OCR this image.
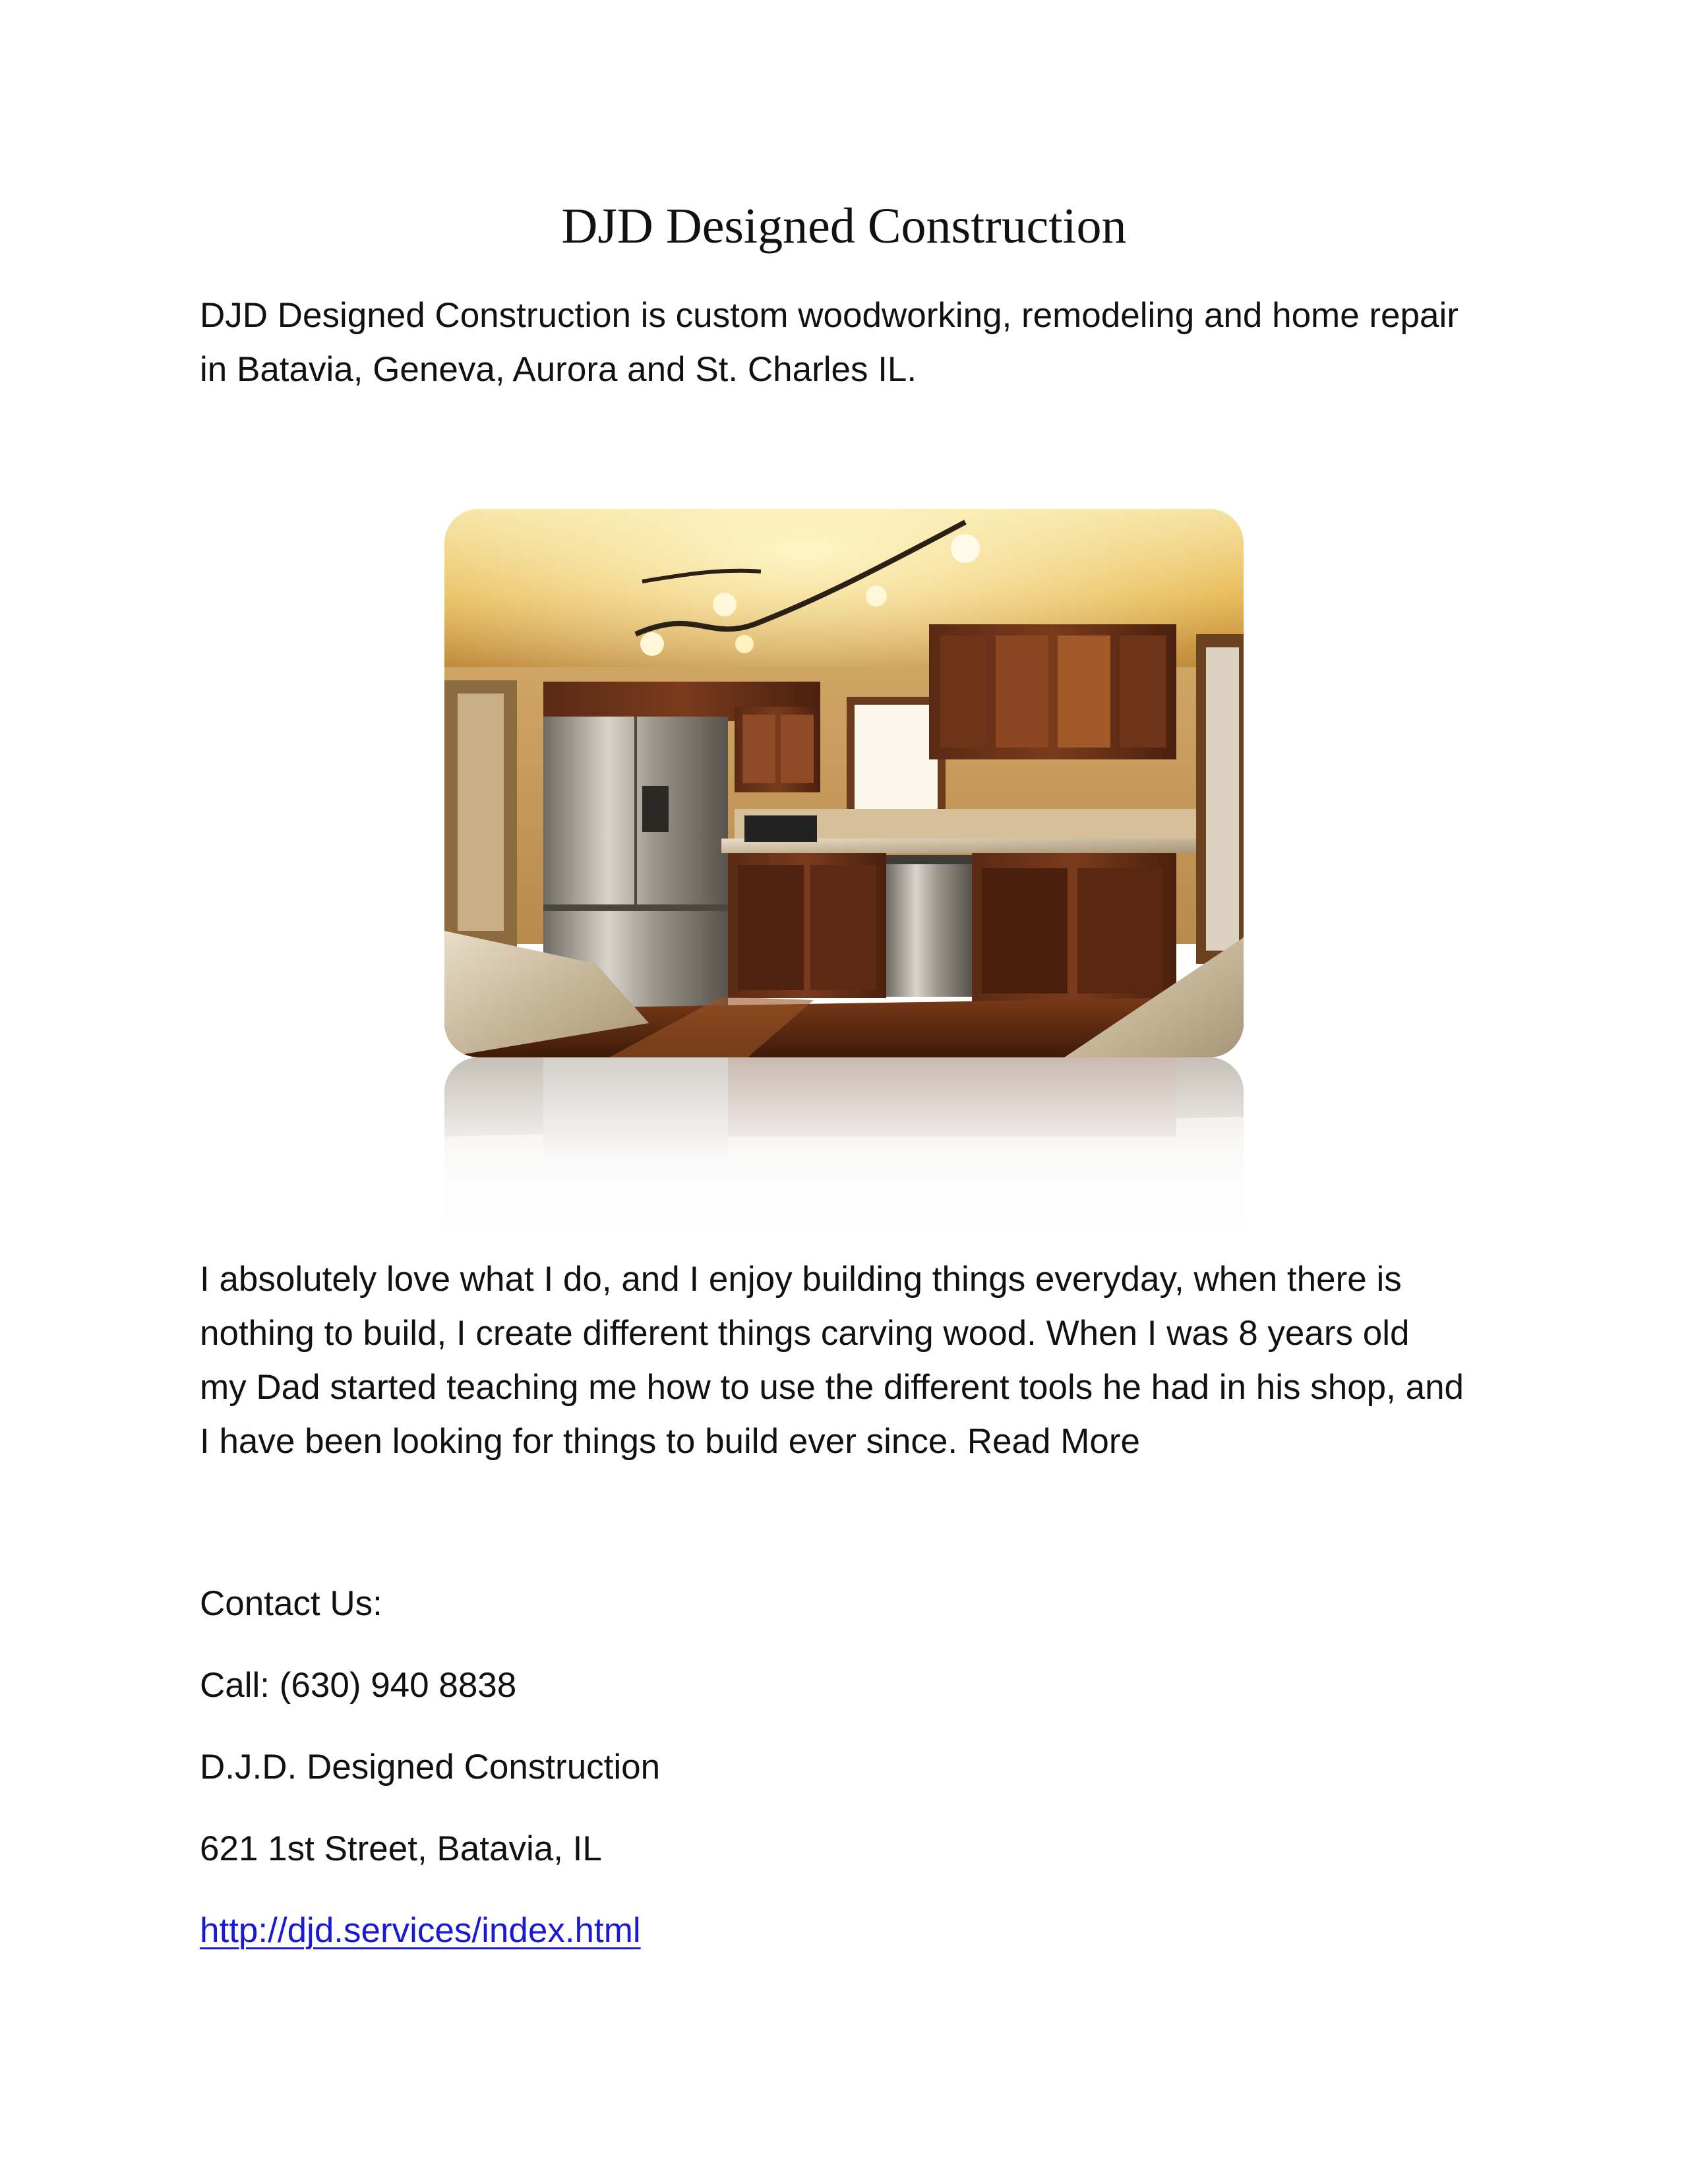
DJD Designed Construction

DJD Designed Construction is custom woodworking, remodeling and home repair
in Batavia, Geneva, Aurora and St. Charles IL.

I absolutely love what I do, and I enjoy building things everyday, when there is
nothing to build, I create different things carving wood. When I was 8 years old
my Dad started teaching me how to use the different tools he had in his shop, and
I have been looking for things to build ever since. Read More

Contact Us:

Call: (630) 940 8838

D.J.D. Designed Construction

621 1st Street, Batavia, IL

http://djd.services/index.html
